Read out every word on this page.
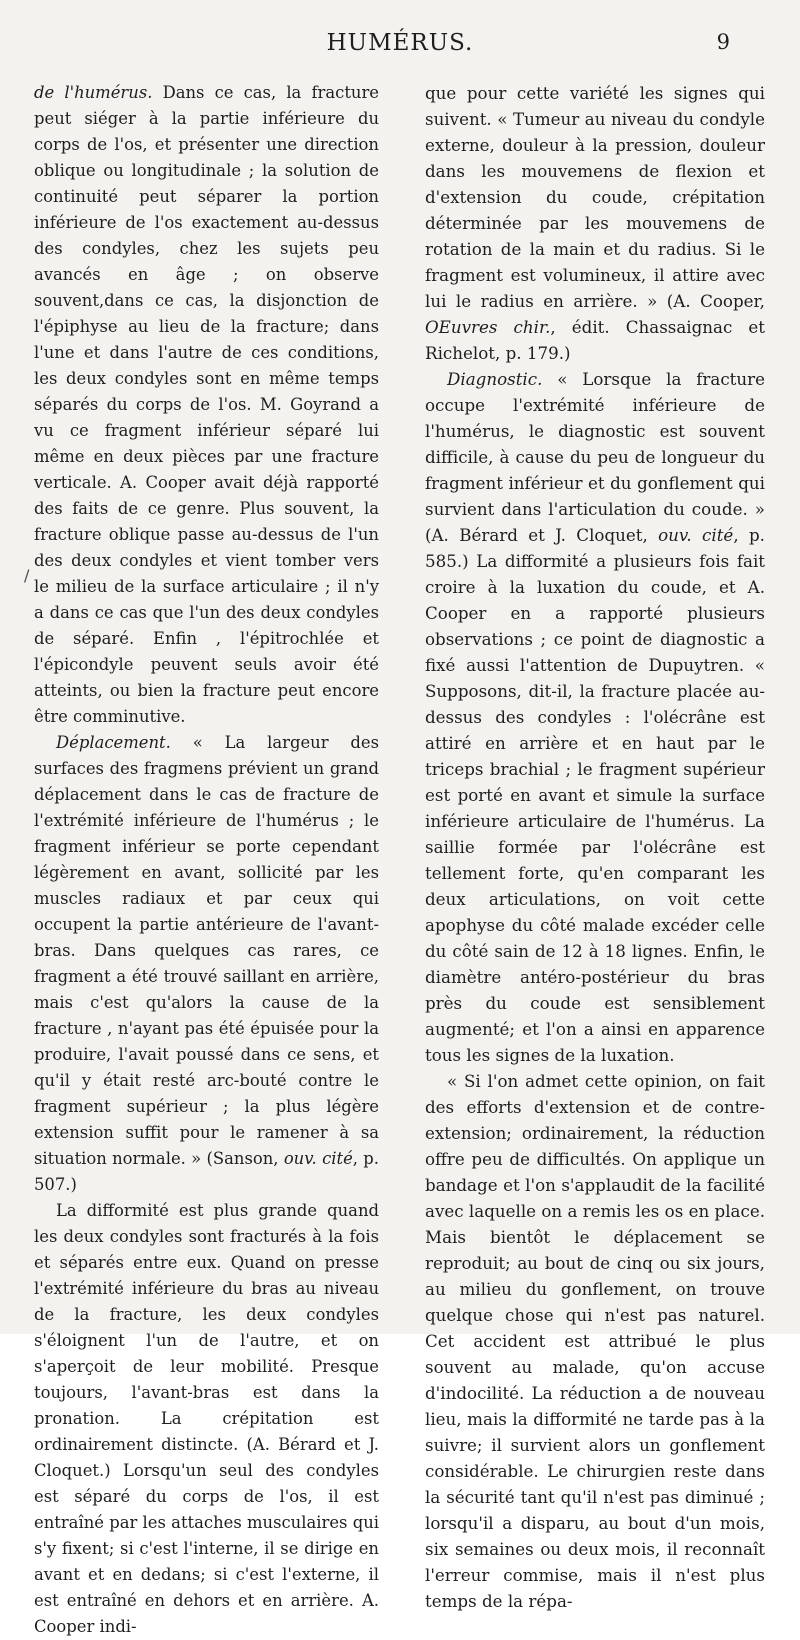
HUMÉRUS.	9
/

de l'humérus. Dans ce cas, la fracture peut siéger à la partie inférieure du corps de l'os, et présenter une direction oblique ou longitudinale ; la solution de continuité peut séparer la portion inférieure de l'os exactement au-dessus des condyles, chez les sujets peu avancés en âge ; on observe souvent,dans ce cas, la disjonction de l'épiphyse au lieu de la fracture; dans l'une et dans l'autre de ces conditions, les deux condyles sont en même temps séparés du corps de l'os. M. Goyrand a vu ce fragment inférieur séparé lui même en deux pièces par une fracture verticale. A. Cooper avait déjà rapporté des faits de ce genre. Plus souvent, la fracture oblique passe au-dessus de l'un des deux condyles et vient tomber vers le milieu de la surface articulaire ; il n'y a dans ce cas que l'un des deux condyles de séparé. Enfin , l'épitrochlée et l'épicondyle peuvent seuls avoir été atteints, ou bien la fracture peut encore être comminutive.

Déplacement. « La largeur des surfaces des fragmens prévient un grand déplacement dans le cas de fracture de l'extrémité inférieure de l'humérus ; le fragment inférieur se porte cependant légèrement en avant, sollicité par les muscles radiaux et par ceux qui occupent la partie antérieure de l'avant-bras. Dans quelques cas rares, ce fragment a été trouvé saillant en arrière, mais c'est qu'alors la cause de la fracture , n'ayant pas été épuisée pour la produire, l'avait poussé dans ce sens, et qu'il y était resté arc-bouté contre le fragment supérieur ; la plus légère extension suffit pour le ramener à sa situation normale. » (Sanson, ouv. cité, p. 507.)

La difformité est plus grande quand les deux condyles sont fracturés à la fois et séparés entre eux. Quand on presse l'extrémité inférieure du bras au niveau de la fracture, les deux condyles s'éloignent l'un de l'autre, et on s'aperçoit de leur mobilité. Presque toujours, l'avant-bras est dans la pronation. La crépitation est ordinairement distincte. (A. Bérard et J. Cloquet.) Lorsqu'un seul des condyles est séparé du corps de l'os, il est entraîné par les attaches musculaires qui s'y fixent; si c'est l'interne, il se dirige en avant et en dedans; si c'est l'externe, il est entraîné en dehors et en arrière. A. Cooper indi-

que pour cette variété les signes qui suivent. « Tumeur au niveau du condyle externe, douleur à la pression, douleur dans les mouvemens de flexion et d'extension du coude, crépitation déterminée par les mouvemens de rotation de la main et du radius. Si le fragment est volumineux, il attire avec lui le radius en arrière. » (A. Cooper, OEuvres chir., édit. Chassaignac et Richelot, p. 179.)

Diagnostic. « Lorsque la fracture occupe l'extrémité inférieure de l'humérus, le diagnostic est souvent difficile, à cause du peu de longueur du fragment inférieur et du gonflement qui survient dans l'articulation du coude. » (A. Bérard et J. Cloquet, ouv. cité, p. 585.) La difformité a plusieurs fois fait croire à la luxation du coude, et A. Cooper en a rapporté plusieurs observations ; ce point de diagnostic a fixé aussi l'attention de Dupuytren. « Supposons, dit-il, la fracture placée au-dessus des condyles : l'olécrâne est attiré en arrière et en haut par le triceps brachial ; le fragment supérieur est porté en avant et simule la surface inférieure articulaire de l'humérus. La saillie formée par l'olécrâne est tellement forte, qu'en comparant les deux articulations, on voit cette apophyse du côté malade excéder celle du côté sain de 12 à 18 lignes. Enfin, le diamètre antéro-postérieur du bras près du coude est sensiblement augmenté; et l'on a ainsi en apparence tous les signes de la luxation.

« Si l'on admet cette opinion, on fait des efforts d'extension et de contre-extension; ordinairement, la réduction offre peu de difficultés. On applique un bandage et l'on s'applaudit de la facilité avec laquelle on a remis les os en place. Mais bientôt le déplacement se reproduit; au bout de cinq ou six jours, au milieu du gonflement, on trouve quelque chose qui n'est pas naturel. Cet accident est attribué le plus souvent au malade, qu'on accuse d'indocilité. La réduction a de nouveau lieu, mais la difformité ne tarde pas à la suivre; il survient alors un gonflement considérable. Le chirurgien reste dans la sécurité tant qu'il n'est pas diminué ; lorsqu'il a disparu, au bout d'un mois, six semaines ou deux mois, il reconnaît l'erreur commise, mais il n'est plus temps de la répa-
